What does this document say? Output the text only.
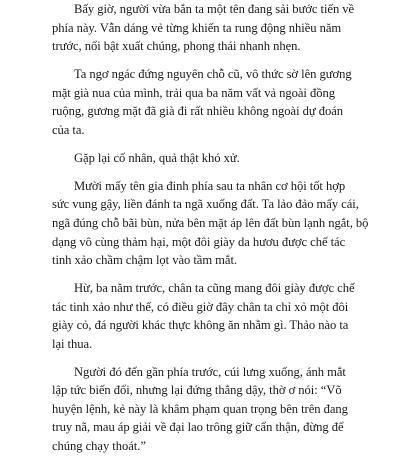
Bấy giờ, người vừa bắn ta một tên đang sải bước tiến về
phía này. Vẫn dáng vẻ từng khiến ta rung động nhiều năm
trước, nổi bật xuất chúng, phong thái nhanh nhẹn.
Ta ngơ ngác đứng nguyên chỗ cũ, vô thức sờ lên gương
mặt già nua của mình, trải qua ba năm vất vả ngoài đồng
ruộng, gương mặt đã già đi rất nhiều không ngoài dự đoán
của ta.
Gặp lại cố nhân, quả thật khó xử.
Mười mấy tên gia đinh phía sau ta nhân cơ hội tốt hợp
sức vung gậy, liền đánh ta ngã xuống đất. Ta lảo đảo mấy cái,
ngã đúng chỗ bãi bùn, nửa bên mặt áp lên đất bùn lạnh ngắt, bộ
dạng vô cùng thảm hại, một đôi giày da hươu được chế tác
tinh xảo chầm chậm lọt vào tầm mắt.
Hừ, ba năm trước, chân ta cũng mang đôi giày được chế
tác tinh xảo như thế, có điều giờ đây chân ta chỉ xỏ một đôi
giày cỏ, đá người khác thực không ăn nhằm gì. Thảo nào ta
lại thua.
Người đó đến gần phía trước, cúi lưng xuống, ánh mắt
lập tức biến đổi, nhưng lại đứng thẳng dậy, thờ ơ nói: “Võ
huyện lệnh, kẻ này là khâm phạm quan trọng bên trên đang
truy nã, mau áp giải về đại lao trông giữ cẩn thận, đừng để
chúng chạy thoát.”
